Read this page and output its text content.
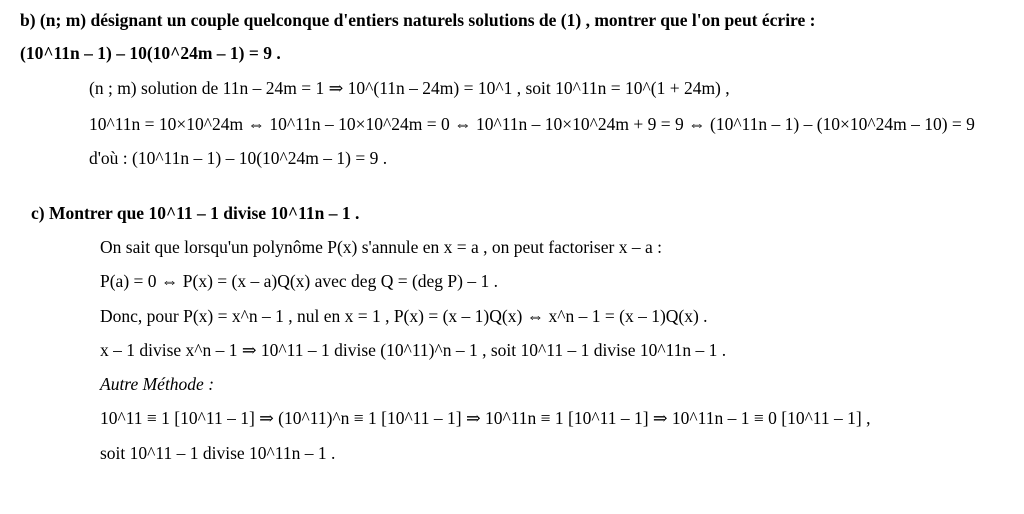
b) (n; m) désignant un couple quelconque d'entiers naturels solutions de (1) , montrer que l'on peut écrire :
(10^11n – 1) – 10(10^24m – 1) = 9 .
(n ; m) solution de 11n – 24m = 1 ⇒ 10^(11n – 24m) = 10^1 , soit 10^11n = 10^(1 + 24m) ,
10^11n = 10×10^24m ⇔ 10^11n – 10×10^24m = 0 ⇔ 10^11n – 10×10^24m + 9 = 9 ⇔ (10^11n – 1) – (10×10^24m – 10) = 9
d'où : (10^11n – 1) – 10(10^24m – 1) = 9 .
c) Montrer que 10^11 – 1 divise 10^11n – 1 .
On sait que lorsqu'un polynôme P(x) s'annule en x = a , on peut factoriser x – a :
P(a) = 0 ⇔ P(x) = (x – a)Q(x) avec deg Q = (deg P) – 1 .
Donc, pour P(x) = x^n – 1 , nul en x = 1 , P(x) = (x – 1)Q(x) ⇔ x^n – 1 = (x – 1)Q(x) .
x – 1 divise x^n – 1 ⇒ 10^11 – 1 divise (10^11)^n – 1 , soit 10^11 – 1 divise 10^11n – 1 .
Autre Méthode :
10^11 ≡ 1 [10^11 – 1] ⇒ (10^11)^n ≡ 1 [10^11 – 1] ⇒ 10^11n ≡ 1 [10^11 – 1] ⇒ 10^11n – 1 ≡ 0 [10^11 – 1] ,
soit 10^11 – 1 divise 10^11n – 1 .
